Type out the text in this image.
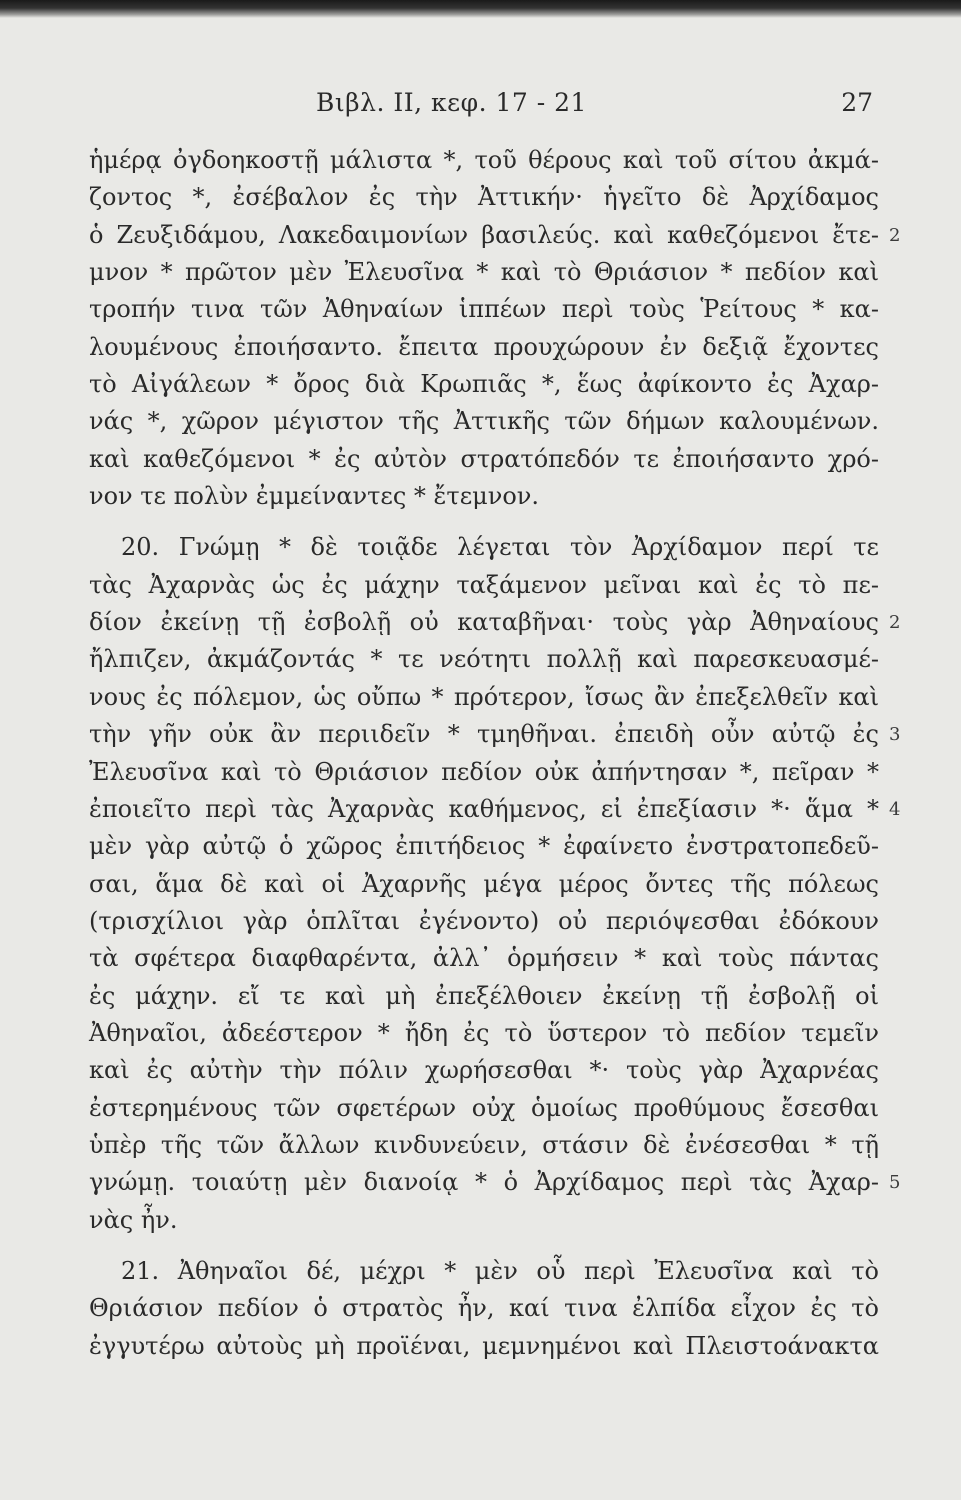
Βιβλ. ΙΙ, κεφ. 17 - 21	27
ἡμέρᾳ ὀγδοηκοστῇ μάλιστα *, τοῦ θέρους καὶ τοῦ σίτου ἀκμά-
ζοντος *, ἐσέβαλον ἐς τὴν Ἀττικήν· ἡγεῖτο δὲ Ἀρχίδαμος
ὁ Ζευξιδάμου, Λακεδαιμονίων βασιλεύς. καὶ καθεζόμενοι ἔτε- 2
μνον * πρῶτον μὲν Ἐλευσῖνα * καὶ τὸ Θριάσιον * πεδίον καὶ
τροπήν τινα τῶν Ἀθηναίων ἱππέων περὶ τοὺς Ῥείτους * κα-
λουμένους ἐποιήσαντο. ἔπειτα προυχώρουν ἐν δεξιᾷ ἔχοντες
τὸ Αἰγάλεων * ὄρος διὰ Κρωπιᾶς *, ἕως ἀφίκοντο ἐς Ἀχαρ-
νάς *, χῶρον μέγιστον τῆς Ἀττικῆς τῶν δήμων καλουμένων.
καὶ καθεζόμενοι * ἐς αὐτὸν στρατόπεδόν τε ἐποιήσαντο χρό-
νον τε πολὺν ἐμμείναντες * ἔτεμνον.
20. Γνώμῃ * δὲ τοιᾷδε λέγεται τὸν Ἀρχίδαμον περί τε
τὰς Ἀχαρνὰς ὡς ἐς μάχην ταξάμενον μεῖναι καὶ ἐς τὸ πε-
δίον ἐκείνῃ τῇ ἐσβολῇ οὐ καταβῆναι· τοὺς γὰρ Ἀθηναίους 2
ἤλπιζεν, ἀκμάζοντάς * τε νεότητι πολλῇ καὶ παρεσκευασμέ-
νους ἐς πόλεμον, ὡς οὔπω * πρότερον, ἴσως ἂν ἐπεξελθεῖν καὶ
τὴν γῆν οὐκ ἂν περιιδεῖν * τμηθῆναι. ἐπειδὴ οὖν αὐτῷ ἐς 3
Ἐλευσῖνα καὶ τὸ Θριάσιον πεδίον οὐκ ἀπήντησαν *, πεῖραν *
ἐποιεῖτο περὶ τὰς Ἀχαρνὰς καθήμενος, εἰ ἐπεξίασιν *· ἅμα * 4
μὲν γὰρ αὐτῷ ὁ χῶρος ἐπιτήδειος * ἐφαίνετο ἐνστρατοπεδεῦ-
σαι, ἅμα δὲ καὶ οἱ Ἀχαρνῆς μέγα μέρος ὄντες τῆς πόλεως
(τρισχίλιοι γὰρ ὁπλῖται ἐγένοντο) οὐ περιόψεσθαι ἐδόκουν
τὰ σφέτερα διαφθαρέντα, ἀλλ᾽ ὁρμήσειν * καὶ τοὺς πάντας
ἐς μάχην. εἴ τε καὶ μὴ ἐπεξέλθοιεν ἐκείνῃ τῇ ἐσβολῇ οἱ
Ἀθηναῖοι, ἀδεέστερον * ἤδη ἐς τὸ ὕστερον τὸ πεδίον τεμεῖν
καὶ ἐς αὐτὴν τὴν πόλιν χωρήσεσθαι *· τοὺς γὰρ Ἀχαρνέας
ἐστερημένους τῶν σφετέρων οὐχ ὁμοίως προθύμους ἔσεσθαι
ὑπὲρ τῆς τῶν ἄλλων κινδυνεύειν, στάσιν δὲ ἐνέσεσθαι * τῇ
γνώμῃ. τοιαύτῃ μὲν διανοίᾳ * ὁ Ἀρχίδαμος περὶ τὰς Ἀχαρ- 5
νὰς ἦν.
21. Ἀθηναῖοι δέ, μέχρι * μὲν οὗ περὶ Ἐλευσῖνα καὶ τὸ
Θριάσιον πεδίον ὁ στρατὸς ἦν, καί τινα ἐλπίδα εἶχον ἐς τὸ
ἐγγυτέρω αὐτοὺς μὴ προϊέναι, μεμνημένοι καὶ Πλειστοάνακτα
